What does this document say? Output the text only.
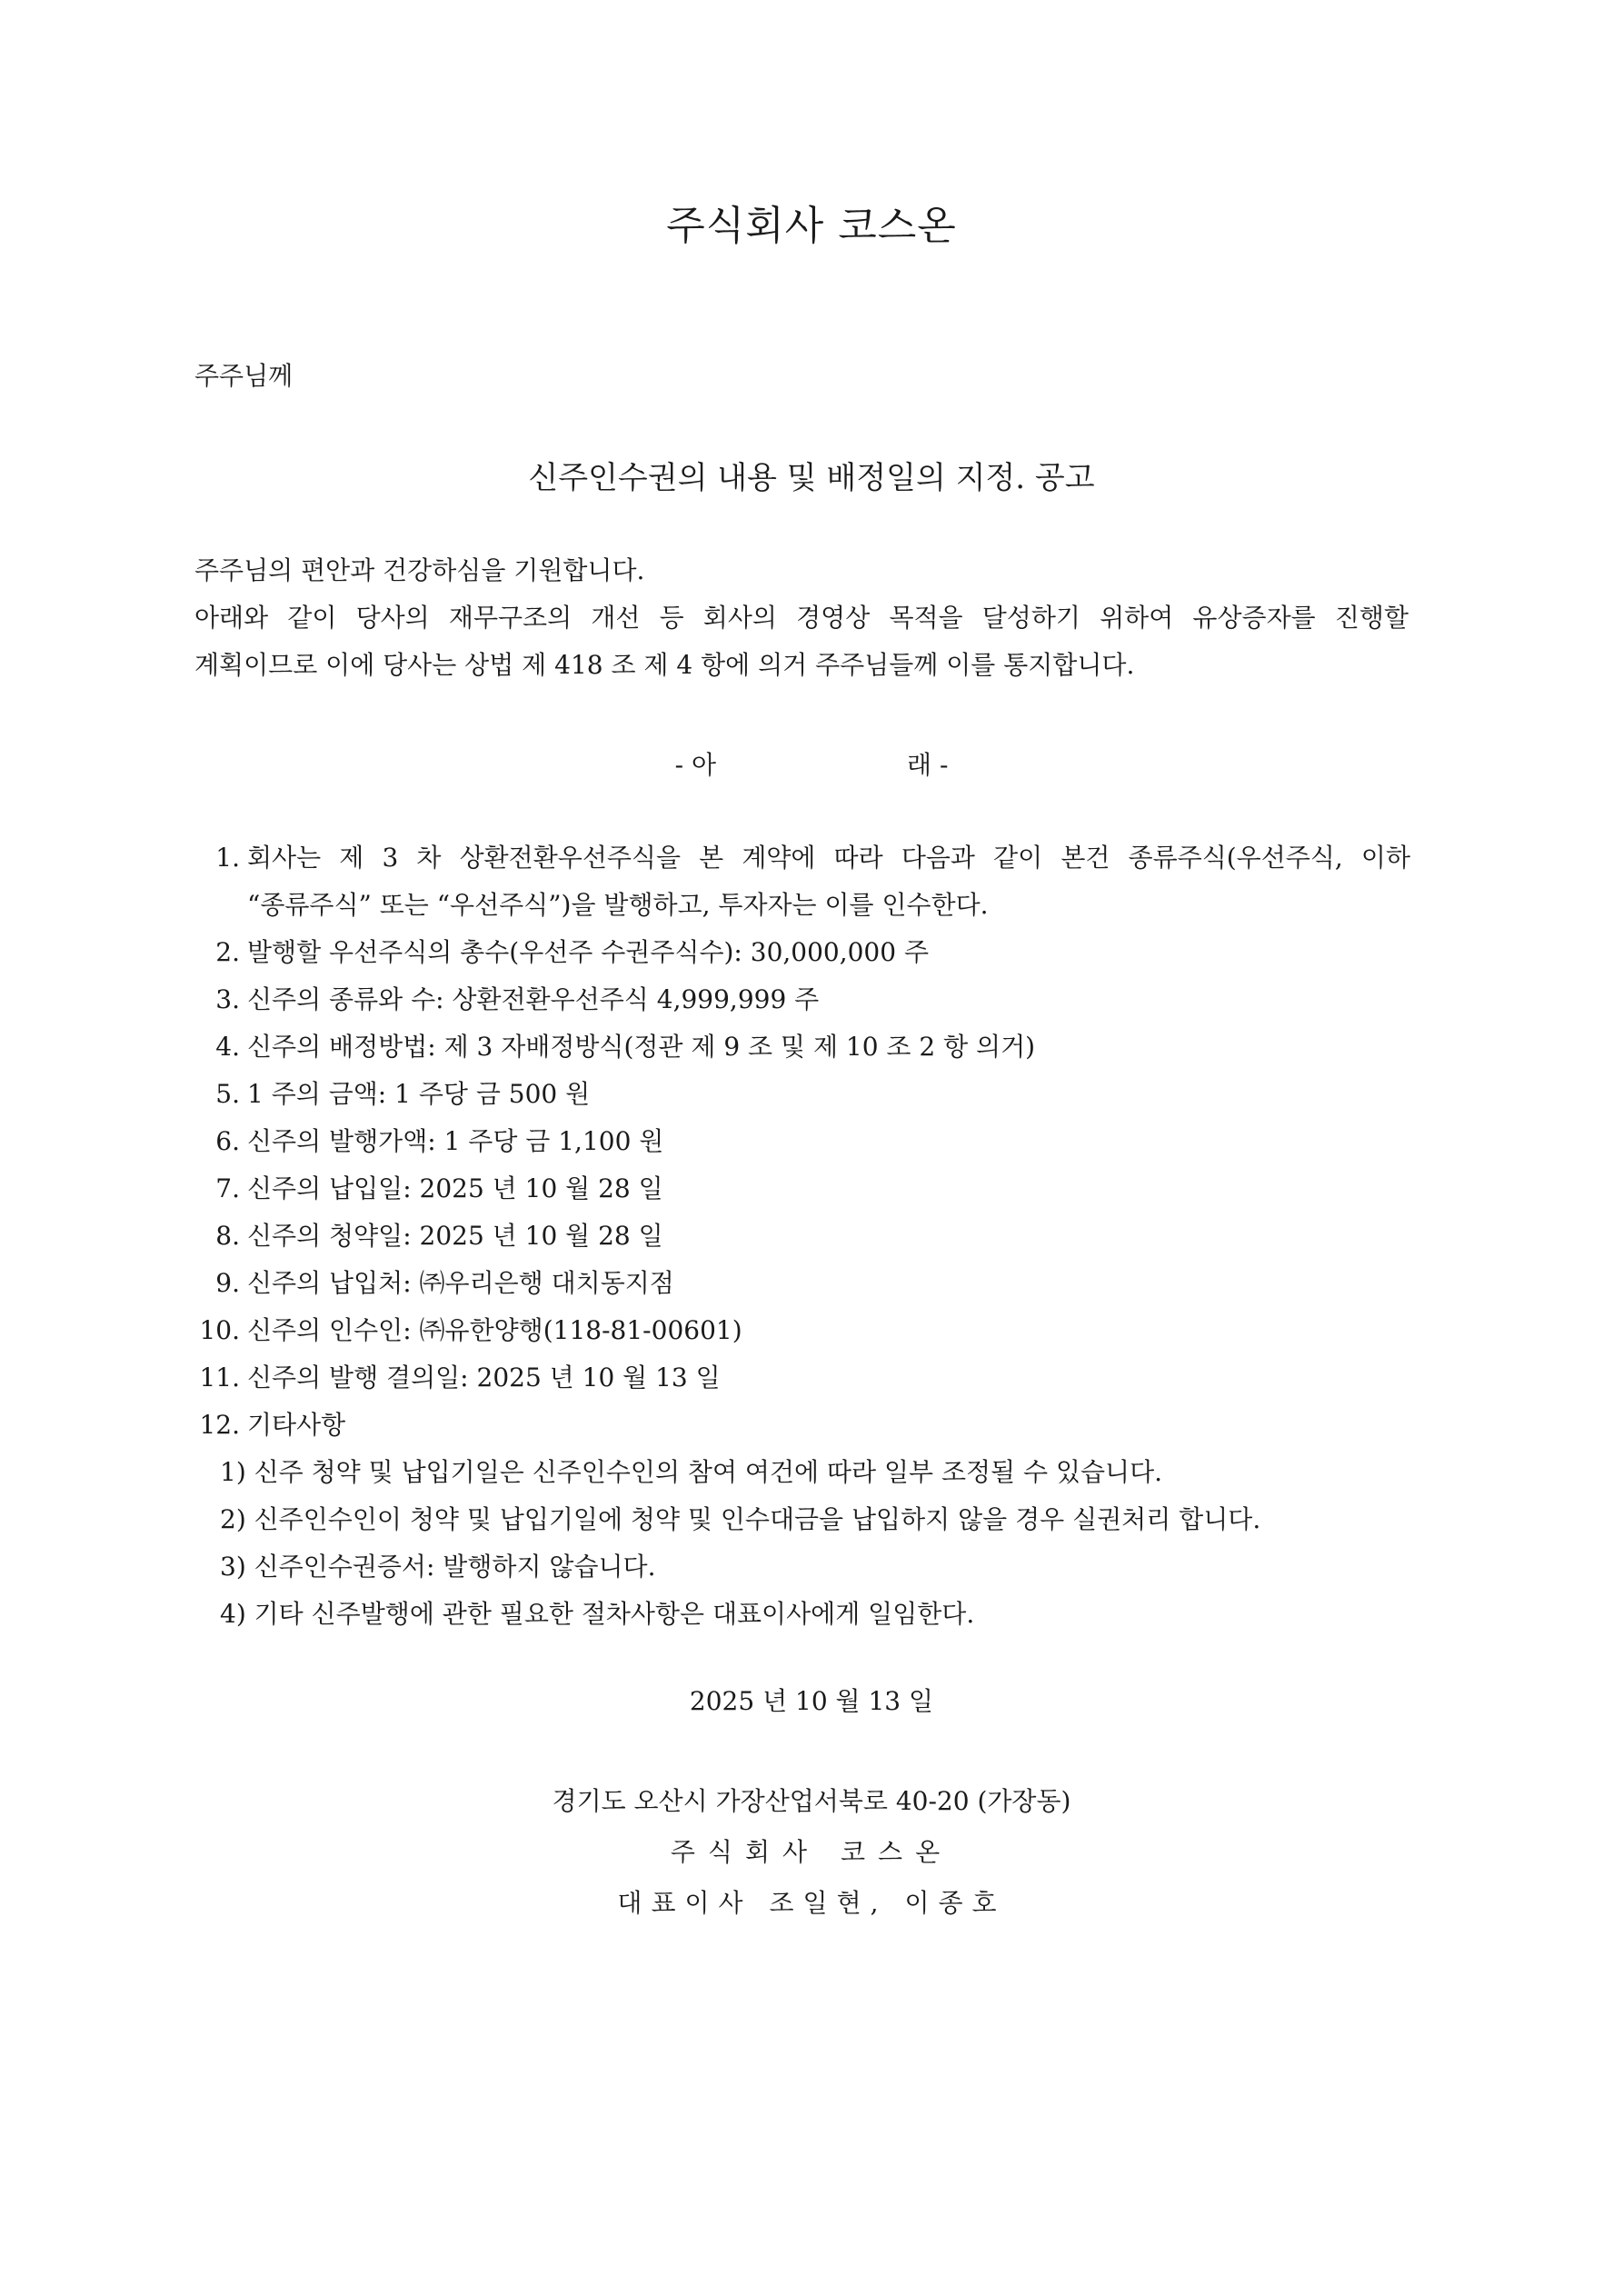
주식회사 코스온
주주님께
신주인수권의 내용 및 배정일의 지정. 공고

주주님의 편안과 건강하심을 기원합니다.

아래와 같이 당사의 재무구조의 개선 등 회사의 경영상 목적을 달성하기 위하여 유상증자를 진행할

계획이므로 이에 당사는 상법 제 418 조 제 4 항에 의거 주주님들께 이를 통지합니다.

- 아	래 -
1. 회사는 제 3 차 상환전환우선주식을 본 계약에 따라 다음과 같이 본건 종류주식(우선주식, 이하
“종류주식” 또는 “우선주식”)을 발행하고, 투자자는 이를 인수한다.
2. 발행할 우선주식의 총수(우선주 수권주식수): 30,000,000 주
3. 신주의 종류와 수: 상환전환우선주식 4,999,999 주
4. 신주의 배정방법: 제 3 자배정방식(정관 제 9 조 및 제 10 조 2 항 의거)
5. 1 주의 금액: 1 주당 금 500 원
6. 신주의 발행가액: 1 주당 금 1,100 원
7. 신주의 납입일: 2025 년 10 월 28 일
8. 신주의 청약일: 2025 년 10 월 28 일
9. 신주의 납입처: ㈜우리은행 대치동지점
10. 신주의 인수인: ㈜유한양행(118-81-00601)
11. 신주의 발행 결의일: 2025 년 10 월 13 일
12. 기타사항

1) 신주 청약 및 납입기일은 신주인수인의 참여 여건에 따라 일부 조정될 수 있습니다.

2) 신주인수인이 청약 및 납입기일에 청약 및 인수대금을 납입하지 않을 경우 실권처리 합니다.

3) 신주인수권증서: 발행하지 않습니다.

4) 기타 신주발행에 관한 필요한 절차사항은 대표이사에게 일임한다.

2025 년 10 월 13 일
경기도 오산시 가장산업서북로 40-20 (가장동)
주식회사 코스온
대표이사 조일현, 이종호
